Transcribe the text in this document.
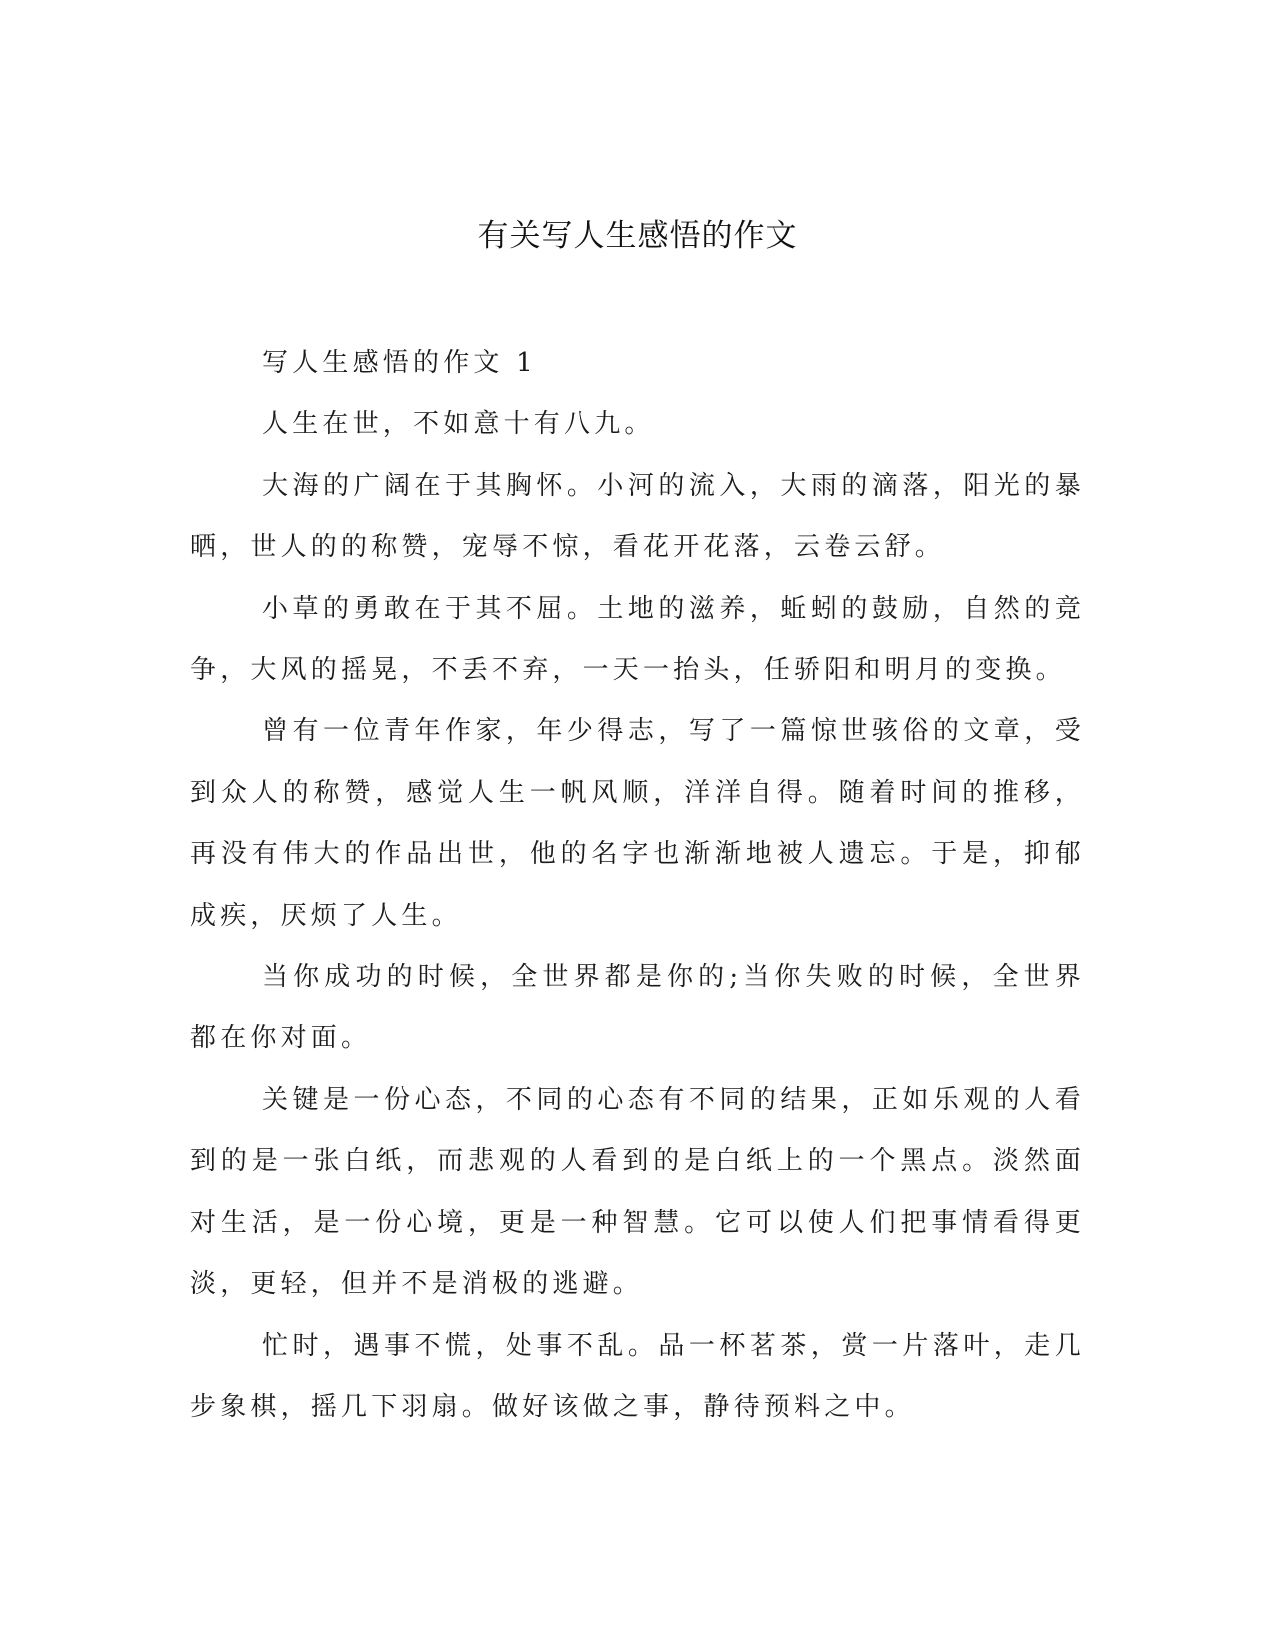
有关写人生感悟的作文

写人生感悟的作文 1

人生在世，不如意十有八九。

大海的广阔在于其胸怀。小河的流入，大雨的滴落，阳光的暴晒，世人的的称赞，宠辱不惊，看花开花落，云卷云舒。

小草的勇敢在于其不屈。土地的滋养，蚯蚓的鼓励，自然的竞争，大风的摇晃，不丢不弃，一天一抬头，任骄阳和明月的变换。

曾有一位青年作家，年少得志，写了一篇惊世骇俗的文章，受到众人的称赞，感觉人生一帆风顺，洋洋自得。随着时间的推移，再没有伟大的作品出世，他的名字也渐渐地被人遗忘。于是，抑郁成疾，厌烦了人生。

当你成功的时候，全世界都是你的;当你失败的时候，全世界都在你对面。

关键是一份心态，不同的心态有不同的结果，正如乐观的人看到的是一张白纸，而悲观的人看到的是白纸上的一个黑点。淡然面对生活，是一份心境，更是一种智慧。它可以使人们把事情看得更淡，更轻，但并不是消极的逃避。

忙时，遇事不慌，处事不乱。品一杯茗茶，赏一片落叶，走几步象棋，摇几下羽扇。做好该做之事，静待预料之中。
